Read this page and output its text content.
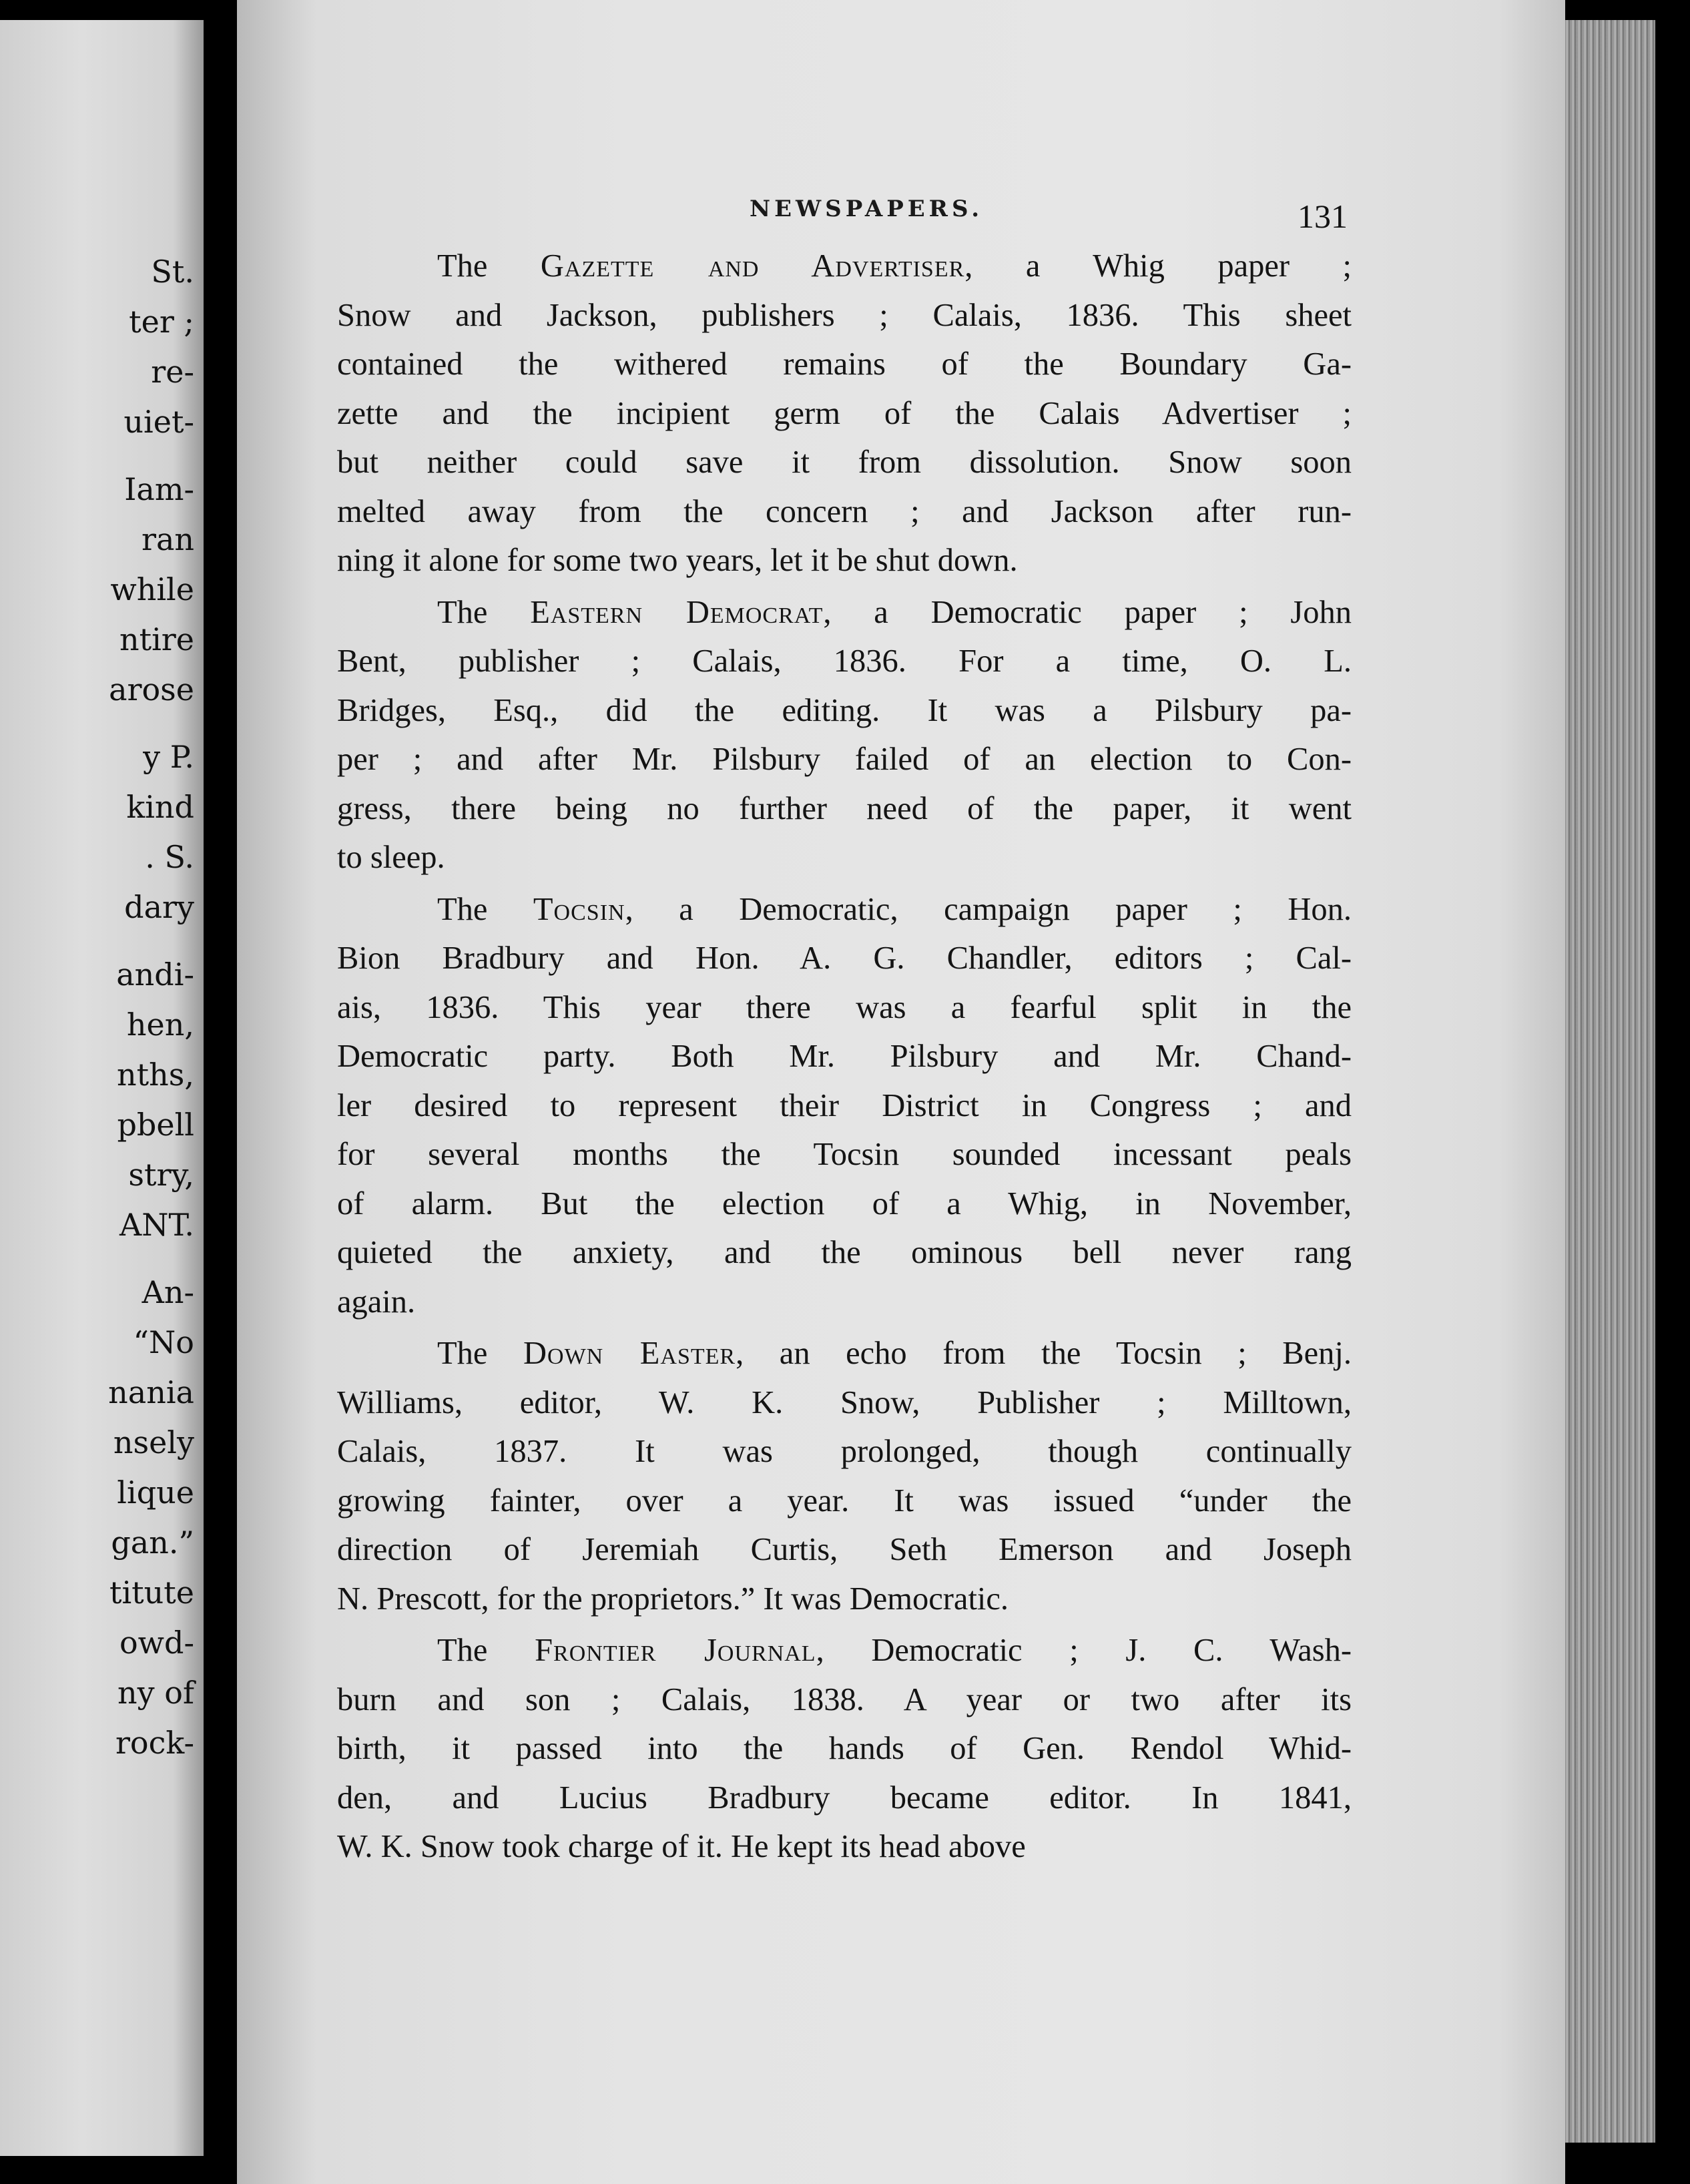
St.
ter ;
re-
uiet-
Iam-
ran
while
ntire
arose
y P.
kind
. S.
dary
andi-
hen,
nths,
pbell
stry,
ANT.
An-
“No
nania
nsely
lique
gan.”
titute
owd-
ny of
rock-
NEWSPAPERS.	131
The Gazette and Advertiser, a Whig paper ;
Snow and Jackson, publishers ; Calais, 1836. This sheet
contained the withered remains of the Boundary Ga-
zette and the incipient germ of the Calais Advertiser ;
but neither could save it from dissolution. Snow soon
melted away from the concern ; and Jackson after run-
ning it alone for some two years, let it be shut down.
The Eastern Democrat, a Democratic paper ; John
Bent, publisher ; Calais, 1836. For a time, O. L.
Bridges, Esq., did the editing. It was a Pilsbury pa-
per ; and after Mr. Pilsbury failed of an election to Con-
gress, there being no further need of the paper, it went
to sleep.
The Tocsin, a Democratic, campaign paper ; Hon.
Bion Bradbury and Hon. A. G. Chandler, editors ; Cal-
ais, 1836. This year there was a fearful split in the
Democratic party. Both Mr. Pilsbury and Mr. Chand-
ler desired to represent their District in Congress ; and
for several months the Tocsin sounded incessant peals
of alarm. But the election of a Whig, in November,
quieted the anxiety, and the ominous bell never rang
again.
The Down Easter, an echo from the Tocsin ; Benj.
Williams, editor, W. K. Snow, Publisher ; Milltown,
Calais, 1837. It was prolonged, though continually
growing fainter, over a year. It was issued “under the
direction of Jeremiah Curtis, Seth Emerson and Joseph
N. Prescott, for the proprietors.” It was Democratic.
The Frontier Journal, Democratic ; J. C. Wash-
burn and son ; Calais, 1838. A year or two after its
birth, it passed into the hands of Gen. Rendol Whid-
den, and Lucius Bradbury became editor. In 1841,
W. K. Snow took charge of it. He kept its head above
